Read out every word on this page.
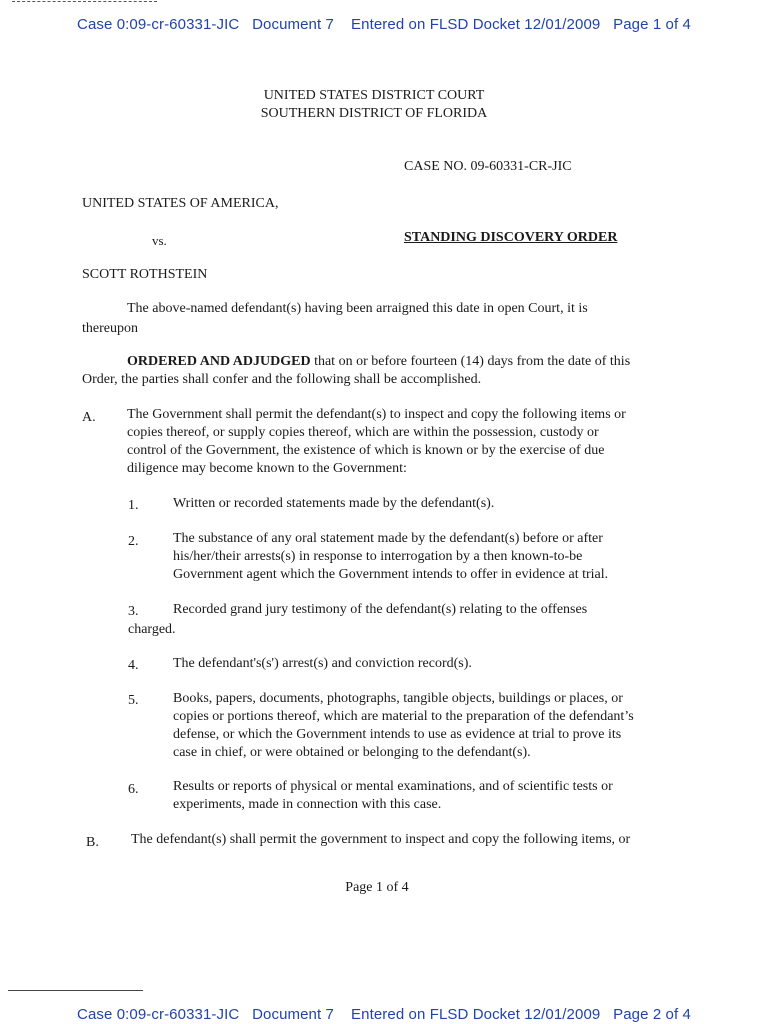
Case 0:09-cr-60331-JIC   Document 7    Entered on FLSD Docket 12/01/2009   Page 1 of 4
UNITED STATES DISTRICT COURT
SOUTHERN DISTRICT OF FLORIDA
CASE NO. 09-60331-CR-JIC
UNITED STATES OF AMERICA,
vs.	STANDING DISCOVERY ORDER
SCOTT ROTHSTEIN
The above-named defendant(s) having been arraigned this date in open Court, it is
thereupon
ORDERED AND ADJUDGED that on or before fourteen (14) days from the date of this
Order, the parties shall confer and the following shall be accomplished.
A. The Government shall permit the defendant(s) to inspect and copy the following items or
copies thereof, or supply copies thereof, which are within the possession, custody or
control of the Government, the existence of which is known or by the exercise of due
diligence may become known to the Government:
1. Written or recorded statements made by the defendant(s).
2. The substance of any oral statement made by the defendant(s) before or after
his/her/their arrests(s) in response to interrogation by a then known-to-be
Government agent which the Government intends to offer in evidence at trial.
3. Recorded grand jury testimony of the defendant(s) relating to the offenses
charged.
4. The defendant's(s') arrest(s) and conviction record(s).
5. Books, papers, documents, photographs, tangible objects, buildings or places, or
copies or portions thereof, which are material to the preparation of the defendant’s
defense, or which the Government intends to use as evidence at trial to prove its
case in chief, or were obtained or belonging to the defendant(s).
6. Results or reports of physical or mental examinations, and of scientific tests or
experiments, made in connection with this case.
B. The defendant(s) shall permit the government to inspect and copy the following items, or
Page 1 of 4
Case 0:09-cr-60331-JIC   Document 7    Entered on FLSD Docket 12/01/2009   Page 2 of 4
